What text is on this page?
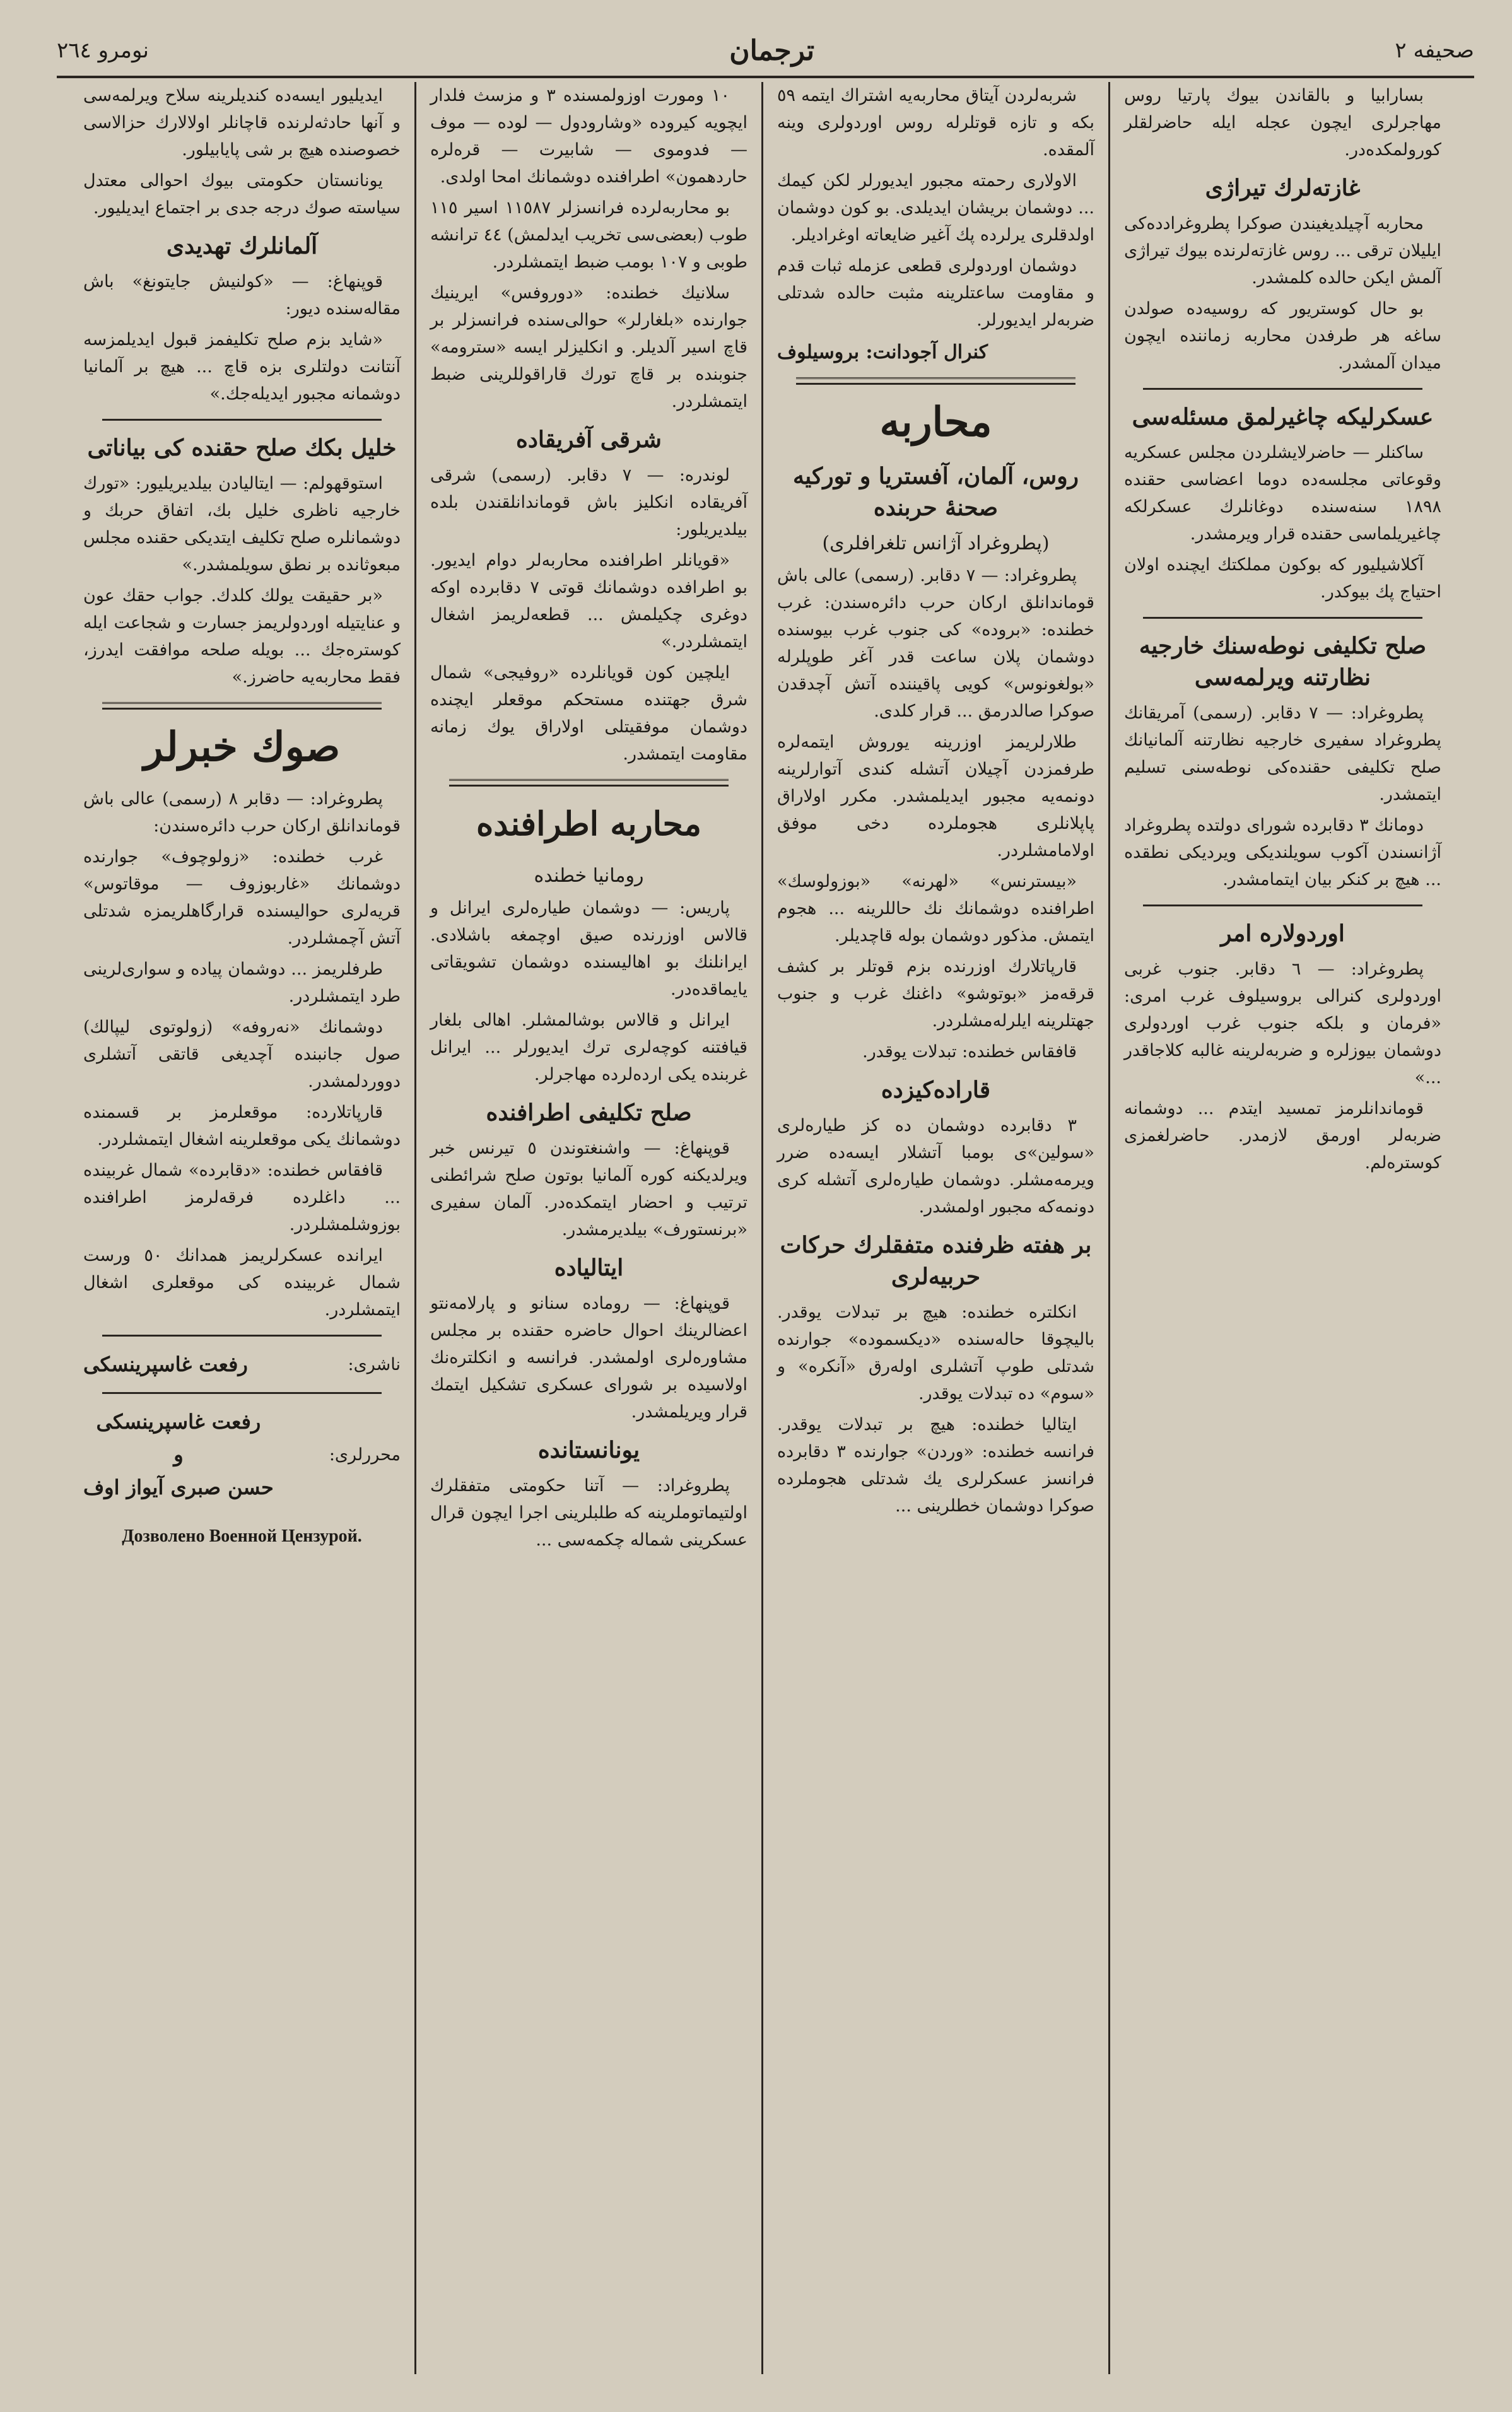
صحيفه ٢
ترجمان
نومرو ٢٦٤

بسارابيا و بالقاندن بيوك پارتيا روس مهاجرلرى ايچون عجله ايله حاضرلقلر كورولمكده‌در.

غازته‌لرك تيراژى

محاربه آچيلديغيندن صوكرا پطروغرادده‌كى ايليلان ترقى ... روس غازته‌لرنده بيوك تيراژى آلمش ايكن حالده كلمشدر.

بو حال كوستريور كه روسيه‌ده صولدن ساغه هر طرفدن محاربه زماننده ايچون ميدان آلمشدر.

عسكرليكه چاغيرلمق مسئله‌سى

ساكنلر — حاضرلايشلردن مجلس عسكريه وقوعاتى مجلسه‌ده دوما اعضاسى حقنده ١٨٩٨ سنه‌سنده دوغانلرك عسكرلكه چاغيريلماسى حقنده قرار ويرمشدر.

آكلاشيليور كه بوكون مملكتك ايچنده اولان احتياج پك بيوكدر.

صلح تكليفى نوطه‌سنك خارجيه نظارتنه ويرلمه‌سى

پطروغراد: — ٧ دقابر. (رسمى) آمريقانك پطروغراد سفيرى خارجيه نظارتنه آلمانيانك صلح تكليفى حقنده‌كى نوطه‌سنى تسليم ايتمشدر.

دومانك ٣ دقابرده شوراى دولتده پطروغراد آژانسندن آكوب سويلنديكى ويرديكى نطقده ... هيچ بر كنكر بيان ايتمامشدر.

اوردولاره امر

پطروغراد: — ٦ دقابر. جنوب غربى اوردولرى كنرالى بروسيلوف غرب امرى: «فرمان و بلكه جنوب غرب اوردولرى دوشمان بيوزلره و ضربه‌لرينه غالبه كلاجاقدر ...»

قوماندانلرمز تمسيد ايتدم ... دوشمانه ضربه‌لر اورمق لازمدر. حاضرلغمزى كوستره‌لم.

شربه‌لردن آيتاق محاربه‌يه اشتراك ايتمه ٥٩ بكه و تازه قوتلرله روس اوردولرى وينه آلمقده.

الاولارى رحمته مجبور ايديورلر لكن كيمك ... دوشمان بريشان ايديلدى. بو كون دوشمان اولدقلرى يرلرده پك آغير ضايعاته اوغراديلر.

دوشمان اوردولرى قطعى عزمله ثبات قدم و مقاومت ساعتلرينه مثبت حالده شدتلى ضربه‌لر ايديورلر.

كنرال آجودانت: بروسيلوف

محاربه
روس، آلمان، آفستريا و توركيه صحنهٔ حربنده
(پطروغراد آژانس تلغرافلرى)

پطروغراد: — ٧ دقابر. (رسمى) عالى باش قوماندانلق اركان حرب دائره‌سندن: غرب خطنده: «بروده» كى جنوب غرب بيوسنده دوشمان پلان ساعت قدر آغر طوپلرله «بولغونوس» كويى پاقيننده آتش آچدقدن صوكرا صالدرمق ... قرار كلدى.

طلارلريمز اوزرينه يوروش ايتمه‌لره طرفمزدن آچيلان آتشله كندى آتوارلرينه دونمه‌يه مجبور ايديلمشدر. مكرر اولاراق پاپلانلرى هجوملرده دخى موفق اولامامشلردر.

«بيسترنس» «لهرنه» «بوزولوسك» اطرافنده دوشمانك نك حاللرينه ... هجوم ايتمش. مذكور دوشمان بوله قاچديلر.

قارپاتلارك اوزرنده بزم قوتلر بر كشف قرقه‌مز «بوتوشو» داغنك غرب و جنوب جهتلرينه ايلرله‌مشلردر.

قافقاس خطنده: تبدلات يوقدر.

قاراده‌كيزده

٣ دقابرده دوشمان ده كز طياره‌لرى «سولين»ى بومبا آتشلار ايسه‌ده ضرر ويرمه‌مشلر. دوشمان طياره‌لرى آتشله كرى دونمه‌كه مجبور اولمشدر.

بر هفته ظرفنده متفقلرك حركات حربيه‌لرى

انكلتره خطنده: هيچ بر تبدلات يوقدر. باليچوقا حاله‌سنده «ديكسموده» جوارنده شدتلى طوپ آتشلرى اوله‌رق «آنكره» و «سوم» ده تبدلات يوقدر.

ايتاليا خطنده: هيچ بر تبدلات يوقدر. فرانسه خطنده: «وردن» جوارنده ٣ دقابرده فرانسز عسكرلرى يك شدتلى هجوملرده صوكرا دوشمان خطلرينى ...

١٠ ومورت اوزولمسنده ٣ و مزسث فلدار ايچويه كيروده «وشارودول — لوده — موف — فدوموى — شابيرت — قره‌لره حاردهمون» اطرافنده دوشمانك امحا اولدى.

بو محاربه‌لرده فرانسزلر ١١٥٨٧ اسير ١١٥ طوب (بعضى‌سى‌ تخريب ايدلمش) ٤٤ ترانشه طوبى و ١٠٧ بومب ضبط ايتمشلردر.

سلانيك خطنده: «دوروفس» ايرينيك جوارنده «بلغارلر» حوالى‌سنده فرانسزلر بر قاچ اسير آلديلر. و انكليزلر ايسه «سترومه» جنوبنده بر قاچ تورك قاراقوللرينى ضبط ايتمشلردر.

شرقى آفريقاده

لوندره: — ٧ دقابر. (رسمى) شرقى آفريقاده انكليز باش قوماندانلقندن بلده بيلديريلور:

«قويانلر اطرافنده محاربه‌لر دوام ايديور. بو اطرافده دوشمانك قوتى ٧ دقابرده اوكه دوغرى چكيلمش ... قطعه‌لريمز اشغال ايتمشلردر.»

ايلچين كون قويانلرده «روفيجى» شمال شرق جهتنده مستحكم موقعلر ايچنده دوشمان موفقيتلى اولاراق يوك زمانه مقاومت ايتمشدر.

محاربه اطرافنده
رومانيا خطنده

پاريس: — دوشمان طياره‌لرى ايرانل و قالاس اوزرنده صيق اوچمغه باشلادى. ايرانلنك بو اهاليسنده دوشمان تشويقاتى يايماقده‌در.

ايرانل و قالاس بوشالمشلر. اهالى بلغار قيافتنه كوچه‌لرى ترك ايديورلر ... ايرانل غربنده يكى ارده‌لرده مهاجرلر.

صلح تكليفى اطرافنده

قوپنهاغ: — واشنغتوندن ٥ تيرنس خبر ويرلديكنه كوره آلمانيا بوتون صلح شرائطنى ترتيب و احضار ايتمكده‌در. آلمان سفيرى «برنستورف» بيلديرمشدر.

ايتاليا‌ده

قوپنهاغ: — روماده سنانو و پارلامه‌نتو اعضالرينك احوال حاضره حقنده بر مجلس مشاوره‌لرى اولمشدر. فرانسه و انكلتره‌نك اولاسيده بر شوراى عسكرى تشكيل ايتمك قرار ويريلمشدر.

يونانستانده

پطروغراد: — آتنا حكومتى متفقلرك اولتيماتوملرينه كه طلبلرينى اجرا ايچون قرال عسكرينى شماله چكمه‌سى ...

ايديليور ايسه‌ده كنديلرينه سلاح ويرلمه‌سى و آنها حادثه‌لرنده قاچانلر اولالارك حزالاسى خصوصنده هيچ بر شى پايابيلور.

يونانستان حكومتى بيوك احوالى معتدل سياسته صوك درجه جدى بر اجتماع ايديليور.

آلمانلرك تهديدى

قوپنهاغ: — «كولنيش جايتونغ» باش مقاله‌سنده ديور:

«شايد بزم صلح تكليفمز قبول ايديلمزسه آنتانت دولتلرى بزه قاچ ... هيچ بر آلمانيا دوشمانه مجبور ايديله‌جك.»

خليل بكك صلح حقنده كى بياناتى

استوقهولم: — ايتاليادن بيلديريليور: «تورك خارجيه ناظرى خليل بك، اتفاق حربك و دوشمانلره صلح تكليف ايتديكى حقنده مجلس مبعوثانده بر نطق سويلمشدر.»

«بر حقيقت يولك كلدك. جواب حقك عون و عنايتيله اوردولريمز جسارت و شجاعت ايله كوستره‌جك ... بويله صلحه موافقت ايدرز، فقط محاربه‌يه حاضرز.»

صوك خبرلر

پطروغراد: — دقابر ٨ (رسمى) عالى باش قوماندانلق اركان حرب دائره‌سندن:

غرب خطنده: «زولوچوف» جوارنده دوشمانك «غاربوزوف — موقاتوس» قريه‌لرى حواليسنده قرارگاهلريمزه شدتلى آتش آچمشلردر.

طرفلريمز ... دوشمان پياده و سوارى‌لرينى طرد ايتمشلردر.

دوشمانك «نه‌روفه» (زولوتوى ليپالك) صول جانبنده آچديغى قاتقى آتشلرى دووردلمشدر.

قارپاتلارده: موقعلرمز بر قسمنده دوشمانك يكى موقعلرينه اشغال ايتمشلردر.

قافقاس خطنده: «دقابرده» شمال غربينده ... داغلرده فرقه‌لرمز اطرافنده بوزوشلمشلردر.

ايرانده عسكرلريمز همدانك ٥٠ ورست شمال غربينده كى موقعلرى اشغال ايتمشلردر.

ناشرى:
رفعت غاسپرينسكى
محررلرى:
رفعت غاسپرينسكى
و
حسن صبرى آيواز اوف
Дозволено Военной Цензурой.
